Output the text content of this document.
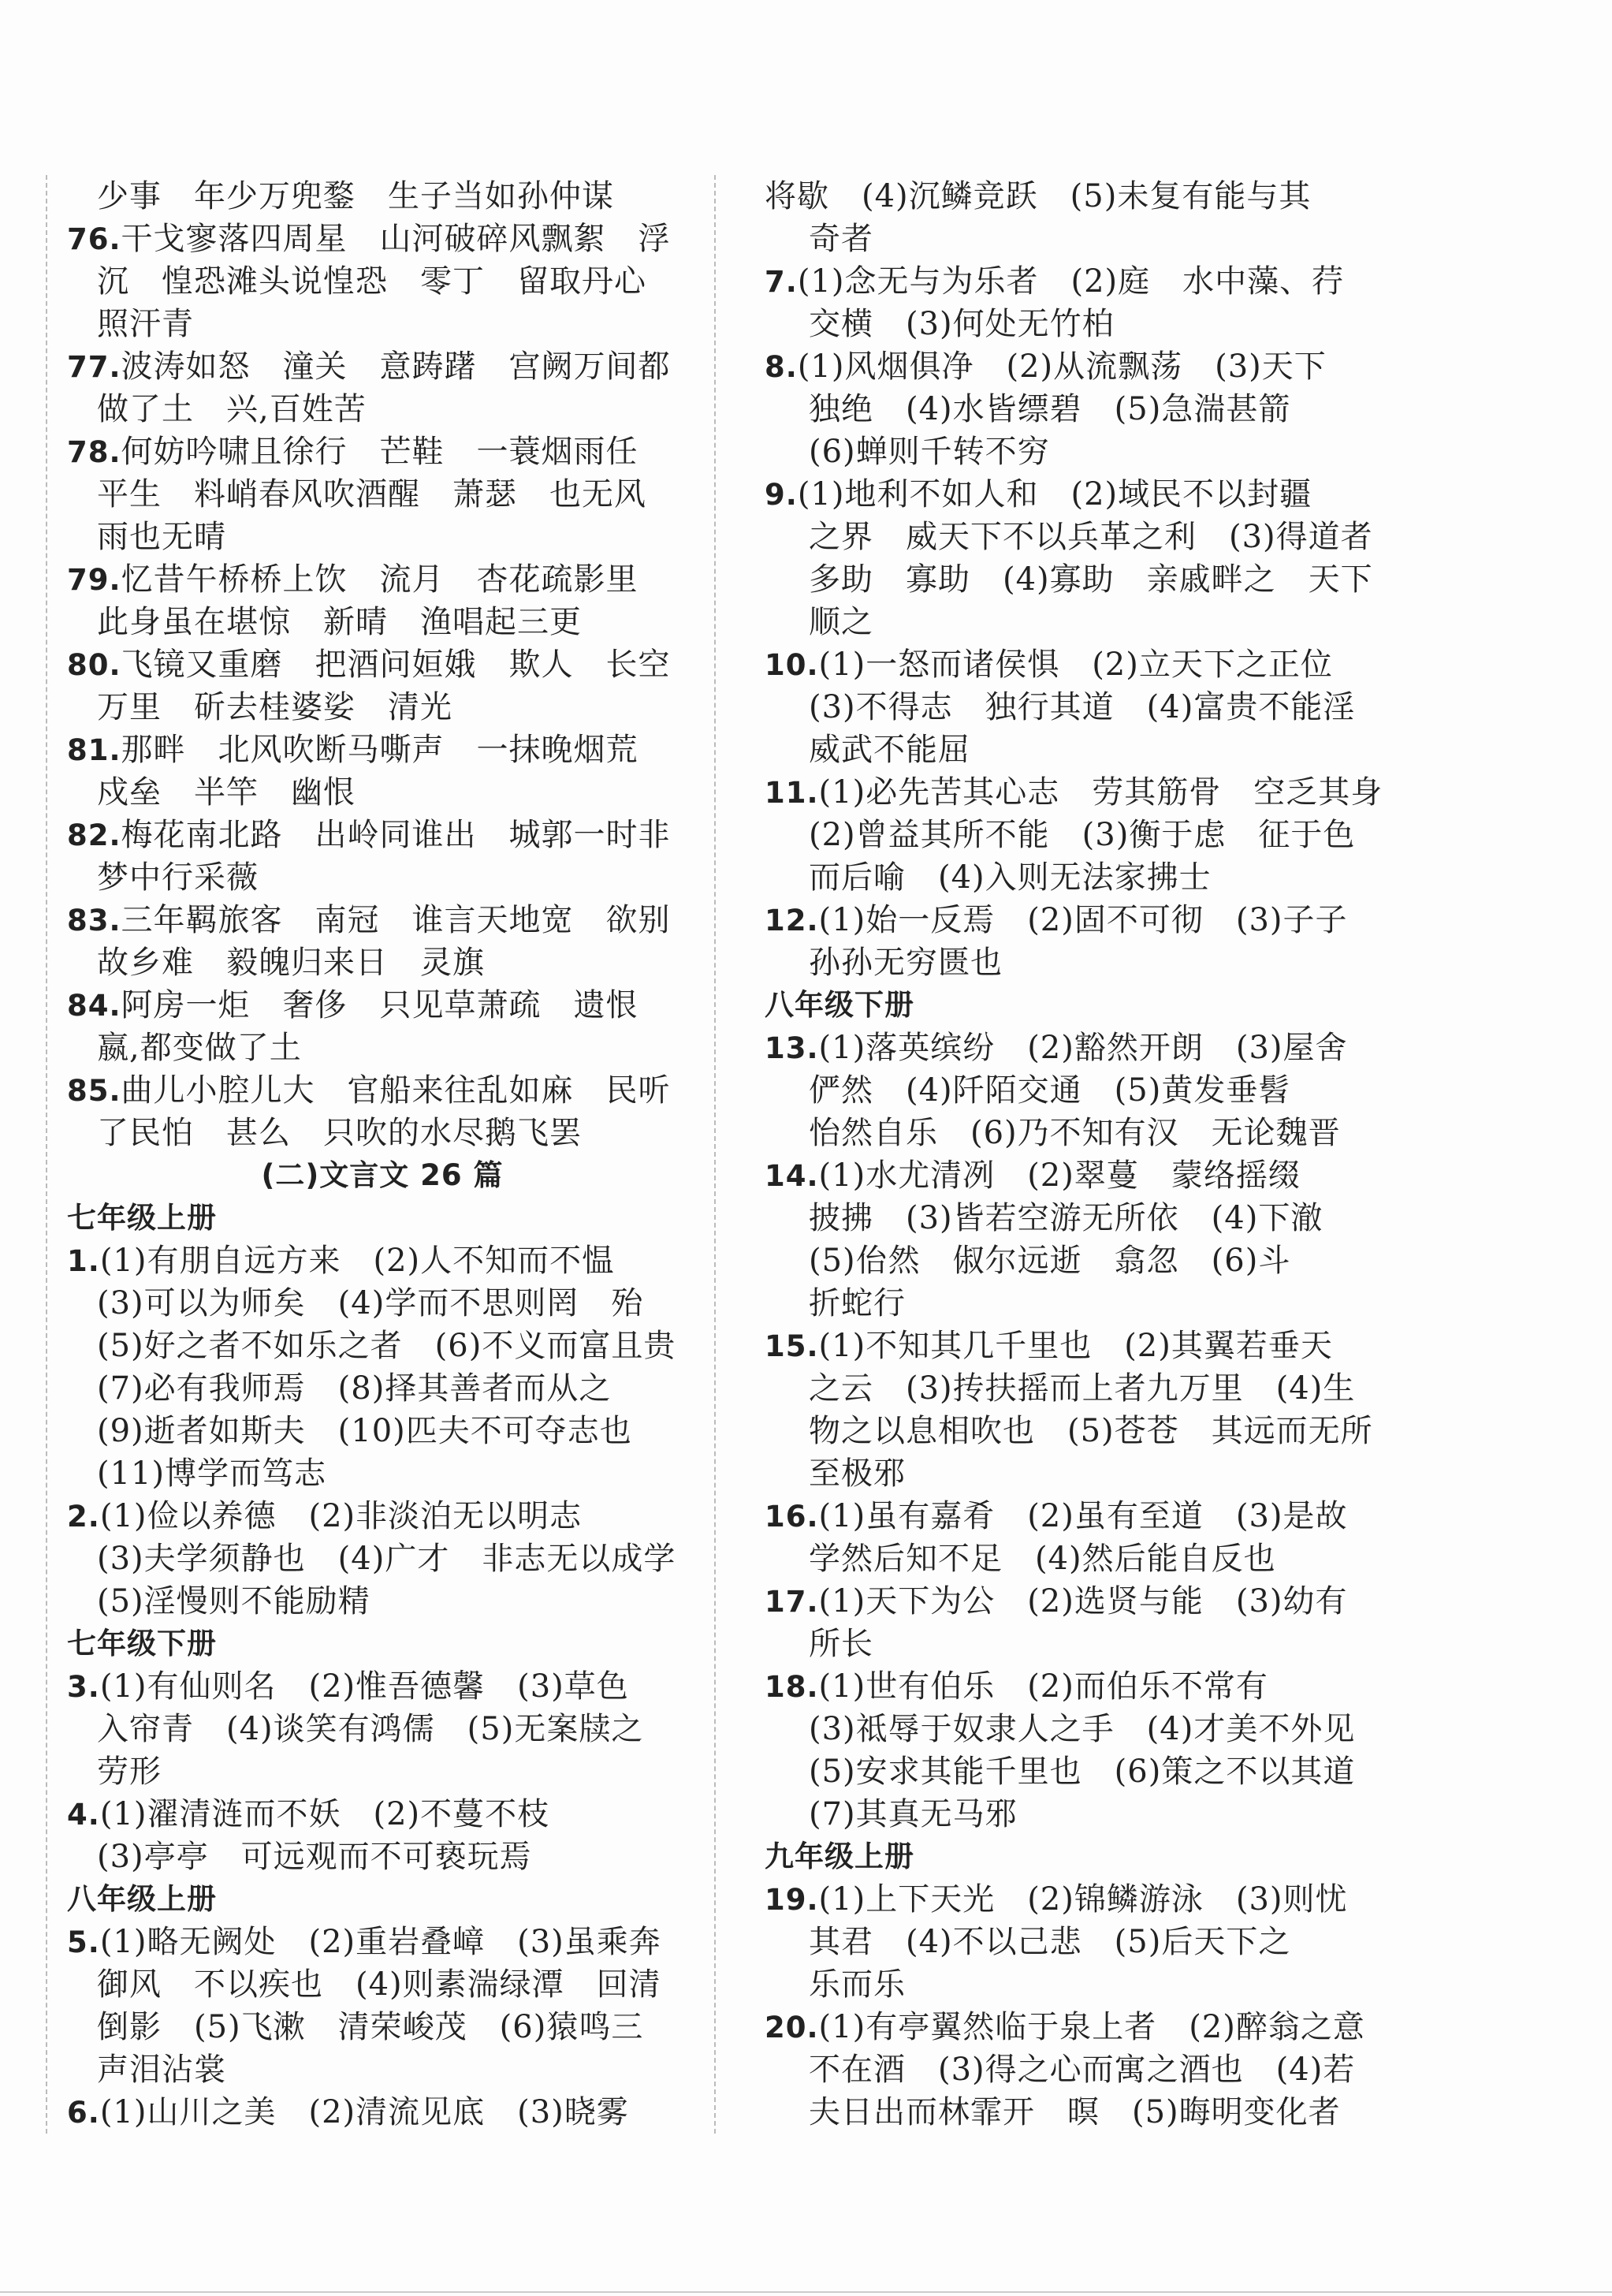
少事　年少万兜鍪　生子当如孙仲谋
76.干戈寥落四周星　山河破碎风飘絮　浮
沉　惶恐滩头说惶恐　零丁　留取丹心
照汗青
77.波涛如怒　潼关　意踌躇　宫阙万间都
做了土　兴,百姓苦
78.何妨吟啸且徐行　芒鞋　一蓑烟雨任
平生　料峭春风吹酒醒　萧瑟　也无风
雨也无晴
79.忆昔午桥桥上饮　流月　杏花疏影里
此身虽在堪惊　新晴　渔唱起三更
80.飞镜又重磨　把酒问姮娥　欺人　长空
万里　斫去桂婆娑　清光
81.那畔　北风吹断马嘶声　一抹晚烟荒
戍垒　半竿　幽恨
82.梅花南北路　出岭同谁出　城郭一时非
梦中行采薇
83.三年羁旅客　南冠　谁言天地宽　欲别
故乡难　毅魄归来日　灵旗
84.阿房一炬　奢侈　只见草萧疏　遗恨
嬴,都变做了土
85.曲儿小腔儿大　官船来往乱如麻　民听
了民怕　甚么　只吹的水尽鹅飞罢
(二)文言文 26 篇
七年级上册
1.(1)有朋自远方来　(2)人不知而不愠
(3)可以为师矣　(4)学而不思则罔　殆
(5)好之者不如乐之者　(6)不义而富且贵
(7)必有我师焉　(8)择其善者而从之
(9)逝者如斯夫　(10)匹夫不可夺志也
(11)博学而笃志
2.(1)俭以养德　(2)非淡泊无以明志
(3)夫学须静也　(4)广才　非志无以成学
(5)淫慢则不能励精
七年级下册
3.(1)有仙则名　(2)惟吾德馨　(3)草色
入帘青　(4)谈笑有鸿儒　(5)无案牍之
劳形
4.(1)濯清涟而不妖　(2)不蔓不枝
(3)亭亭　可远观而不可亵玩焉
八年级上册
5.(1)略无阙处　(2)重岩叠嶂　(3)虽乘奔
御风　不以疾也　(4)则素湍绿潭　回清
倒影　(5)飞漱　清荣峻茂　(6)猿鸣三
声泪沾裳
6.(1)山川之美　(2)清流见底　(3)晓雾
将歇　(4)沉鳞竞跃　(5)未复有能与其
奇者
7.(1)念无与为乐者　(2)庭　水中藻、荇
交横　(3)何处无竹柏
8.(1)风烟俱净　(2)从流飘荡　(3)天下
独绝　(4)水皆缥碧　(5)急湍甚箭
(6)蝉则千转不穷
9.(1)地利不如人和　(2)域民不以封疆
之界　威天下不以兵革之利　(3)得道者
多助　寡助　(4)寡助　亲戚畔之　天下
顺之
10.(1)一怒而诸侯惧　(2)立天下之正位
(3)不得志　独行其道　(4)富贵不能淫
威武不能屈
11.(1)必先苦其心志　劳其筋骨　空乏其身
(2)曾益其所不能　(3)衡于虑　征于色
而后喻　(4)入则无法家拂士
12.(1)始一反焉　(2)固不可彻　(3)子子
孙孙无穷匮也
八年级下册
13.(1)落英缤纷　(2)豁然开朗　(3)屋舍
俨然　(4)阡陌交通　(5)黄发垂髫
怡然自乐　(6)乃不知有汉　无论魏晋
14.(1)水尤清冽　(2)翠蔓　蒙络摇缀
披拂　(3)皆若空游无所依　(4)下澈
(5)佁然　俶尔远逝　翕忽　(6)斗
折蛇行
15.(1)不知其几千里也　(2)其翼若垂天
之云　(3)抟扶摇而上者九万里　(4)生
物之以息相吹也　(5)苍苍　其远而无所
至极邪
16.(1)虽有嘉肴　(2)虽有至道　(3)是故
学然后知不足　(4)然后能自反也
17.(1)天下为公　(2)选贤与能　(3)幼有
所长
18.(1)世有伯乐　(2)而伯乐不常有
(3)祗辱于奴隶人之手　(4)才美不外见
(5)安求其能千里也　(6)策之不以其道
(7)其真无马邪
九年级上册
19.(1)上下天光　(2)锦鳞游泳　(3)则忧
其君　(4)不以己悲　(5)后天下之
乐而乐
20.(1)有亭翼然临于泉上者　(2)醉翁之意
不在酒　(3)得之心而寓之酒也　(4)若
夫日出而林霏开　暝　(5)晦明变化者
